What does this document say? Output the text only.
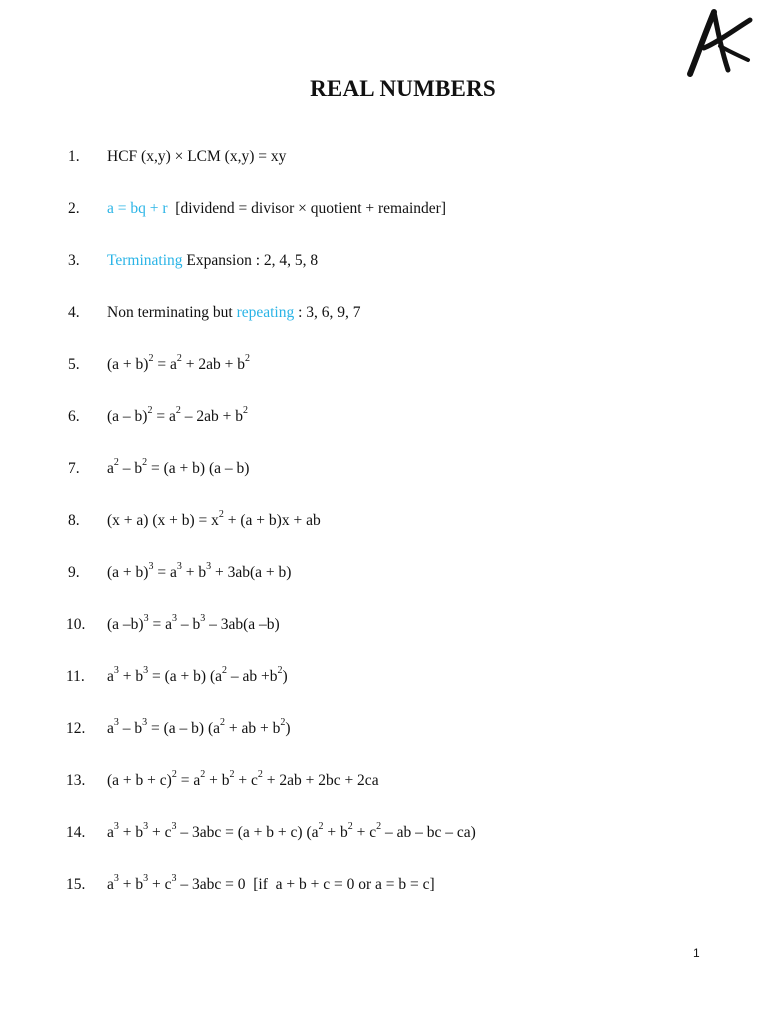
REAL NUMBERS
1. HCF (x,y) × LCM (x,y) = xy
2. a = bq + r  [dividend = divisor × quotient + remainder]
3. Terminating Expansion : 2, 4, 5, 8
4. Non terminating but repeating : 3, 6, 9, 7
5. $(a + b)^2 = a^2 + 2ab + b^2$
6. $(a - b)^2 = a^2 - 2ab + b^2$
7. $a^2 - b^2 = (a + b)$ (a – b)
8. (x + a) $(x + b) = x^2 + (a + b)x$ + ab
9. $(a + b)^3 = a^3 + b^3 + 3ab(a + b)$
10. (a $-b)^3 = a^3 - b^3 - 3ab(a$ –b)
11. $a^3 + b^3 = (a + b)$ ($a^2$ – ab $+b^2$)
12. $a^3 - b^3 = (a - b) (a^2$ + ab + $b^2$)
13. $(a + b + c)^2 = a^2 + b^2 + c^2 + 2ab + 2bc + 2ca$
14. $a^3 + b^3 + c^3 - 3abc = (a + b + c) (a^2 + b^2 + c^2$ – ab – bc – ca)
15. $a^3 + b^3 + c^3 - 3abc = 0$  [if  a + b + c = 0 or a = b = c]
1
